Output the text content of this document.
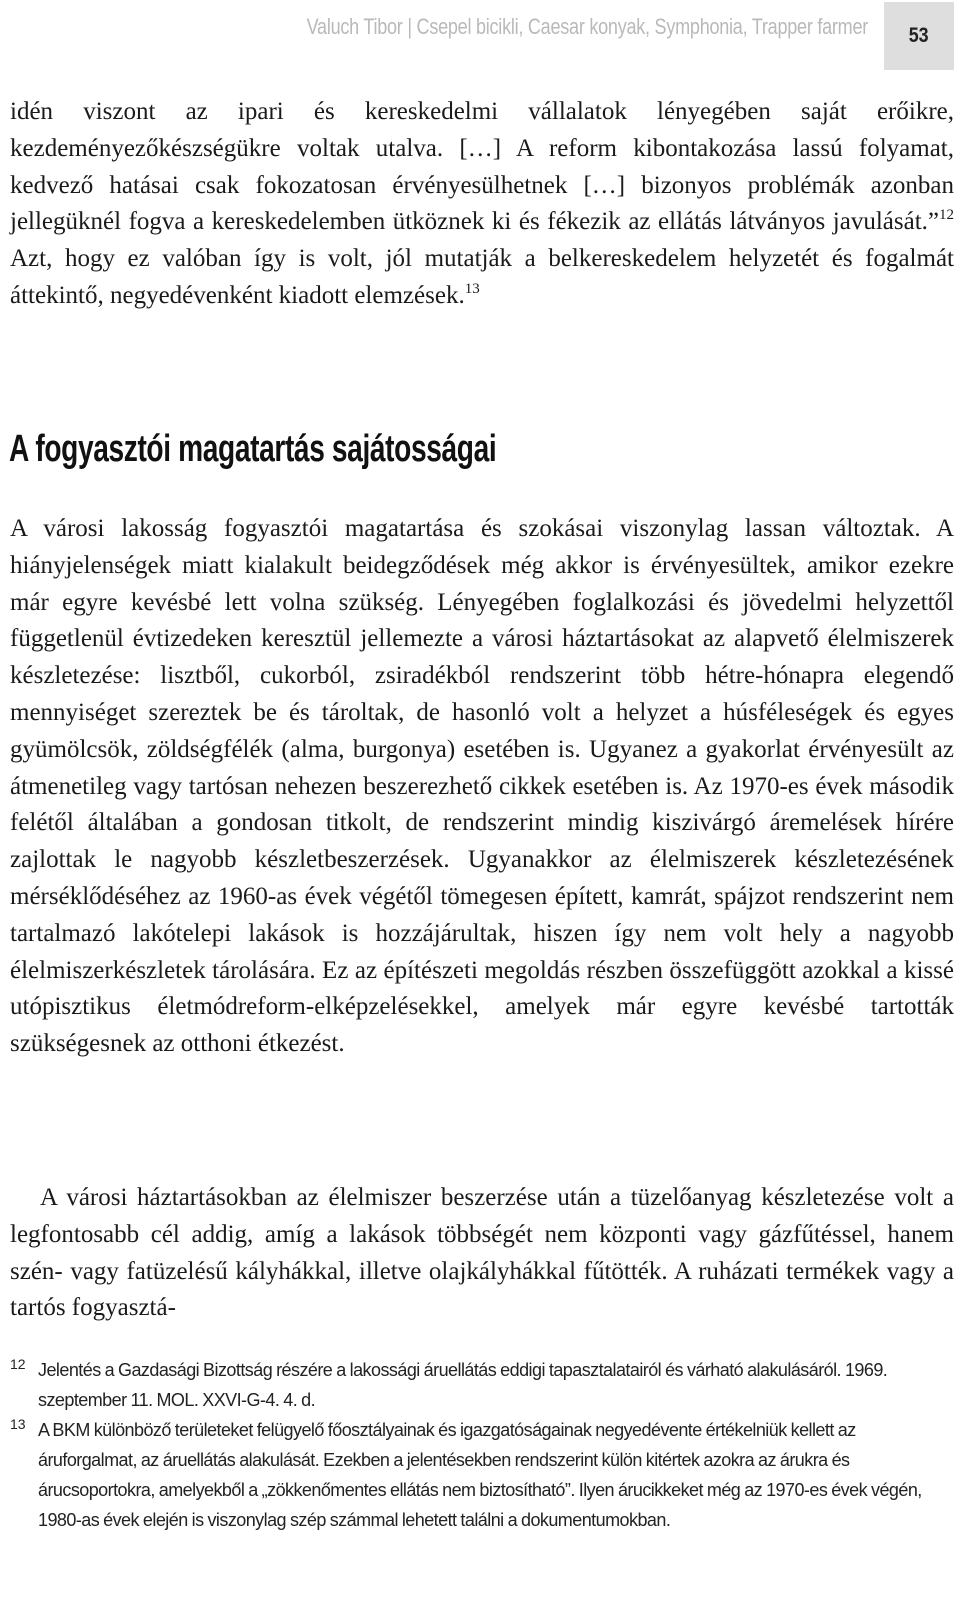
Valuch Tibor | Csepel bicikli, Caesar konyak, Symphonia, Trapper farmer 53

idén viszont az ipari és kereskedelmi vállalatok lényegében saját erőikre, kezdeményezőkészségükre voltak utalva. […] A reform kibontakozása lassú folyamat, kedvező hatásai csak fokozatosan érvényesülhetnek […] bizonyos problémák azonban jellegüknél fogva a kereskedelemben ütköznek ki és fékezik az ellátás látványos javulását.”$^{12}$ Azt, hogy ez valóban így is volt, jól mutatják a belkereskedelem helyzetét és fogalmát áttekintő, negyedévenként kiadott elemzések.$^{13}$

A fogyasztói magatartás sajátosságai

A városi lakosság fogyasztói magatartása és szokásai viszonylag lassan változtak. A hiányjelenségek miatt kialakult beidegződések még akkor is érvényesültek, amikor ezekre már egyre kevésbé lett volna szükség. Lényegében foglalkozási és jövedelmi helyzettől függetlenül évtizedeken keresztül jellemezte a városi háztartásokat az alapvető élelmiszerek készletezése: lisztből, cukorból, zsiradékból rendszerint több hétre-hónapra elegendő mennyiséget szereztek be és tároltak, de hasonló volt a helyzet a húsféleségek és egyes gyümölcsök, zöldségfélék (alma, burgonya) esetében is. Ugyanez a gyakorlat érvényesült az átmenetileg vagy tartósan nehezen beszerezhető cikkek esetében is. Az 1970-es évek második felétől általában a gondosan titkolt, de rendszerint mindig kiszivárgó áremelések hírére zajlottak le nagyobb készletbeszerzések. Ugyanakkor az élelmiszerek készletezésének mérséklődéséhez az 1960-as évek végétől tömegesen épített, kamrát, spájzot rendszerint nem tartalmazó lakótelepi lakások is hozzájárultak, hiszen így nem volt hely a nagyobb élelmiszerkészletek tárolására. Ez az építészeti megoldás részben összefüggött azokkal a kissé utópisztikus életmódreform-elképzelésekkel, amelyek már egyre kevésbé tartották szükségesnek az otthoni étkezést.

A városi háztartásokban az élelmiszer beszerzése után a tüzelőanyag készletezése volt a legfontosabb cél addig, amíg a lakások többségét nem központi vagy gázfűtéssel, hanem szén- vagy fatüzelésű kályhákkal, illetve olajkályhákkal fűtötték. A ruházati termékek vagy a tartós fogyasztá-

12 Jelentés a Gazdasági Bizottság részére a lakossági áruellátás eddigi tapasztalatairól és várható alakulásáról. 1969. szeptember 11. MOL. XXVI-G-4. 4. d.
13 A BKM különböző területeket felügyelő főosztályainak és igazgatóságainak negyedévente értékelniük kellett az áruforgalmat, az áruellátás alakulását. Ezekben a jelentésekben rendszerint külön kitértek azokra az árukra és árucsoportokra, amelyekből a „zökkenőmentes ellátás nem biztosítható”. Ilyen árucikkeket még az 1970-es évek végén, 1980-as évek elején is viszonylag szép számmal lehetett találni a dokumentumokban.
